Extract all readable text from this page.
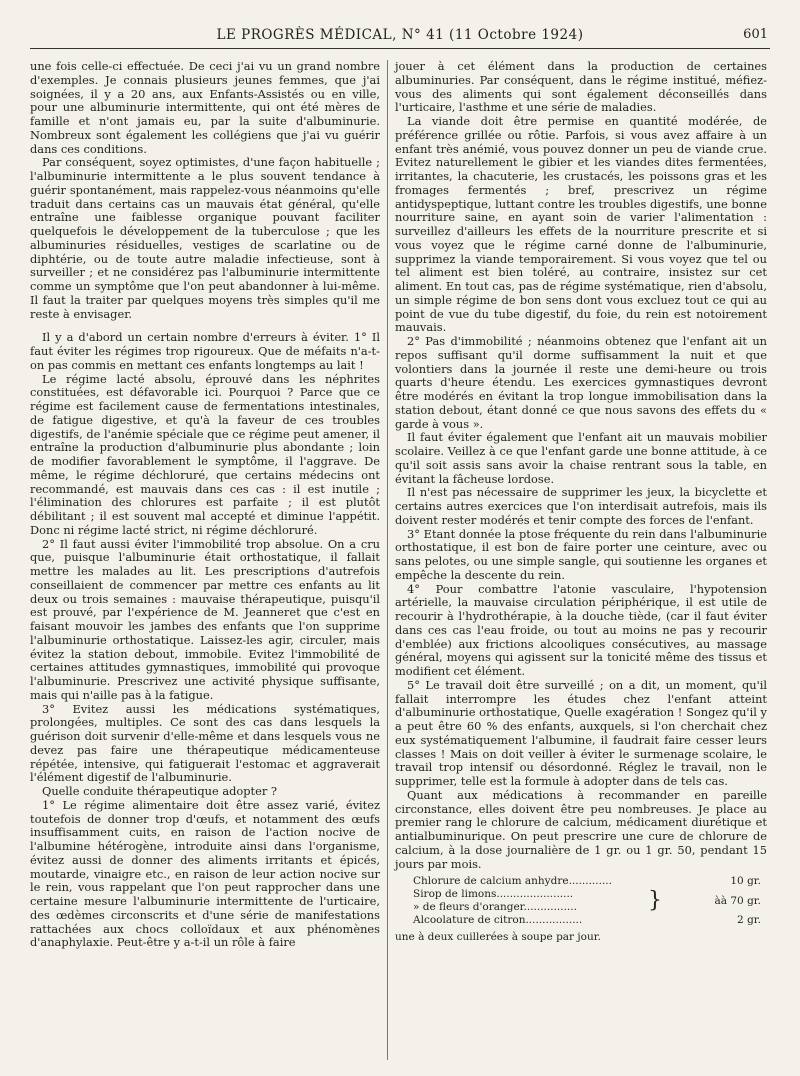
LE PROGRÈS MÉDICAL, N° 41 (11 Octobre 1924)	601

une fois celle-ci effectuée. De ceci j'ai vu un grand nombre d'exemples. Je connais plusieurs jeunes femmes, que j'ai soignées, il y a 20 ans, aux Enfants-Assistés ou en ville, pour une albuminurie intermittente, qui ont été mères de famille et n'ont jamais eu, par la suite d'albuminurie. Nombreux sont également les collégiens que j'ai vu guérir dans ces conditions.

Par conséquent, soyez optimistes, d'une façon habituelle ; l'albuminurie intermittente a le plus souvent tendance à guérir spontanément, mais rappelez-vous néanmoins qu'elle traduit dans certains cas un mauvais état général, qu'elle entraîne une faiblesse organique pouvant faciliter quelquefois le développement de la tuberculose ; que les albuminuries résiduelles, vestiges de scarlatine ou de diphtérie, ou de toute autre maladie infectieuse, sont à surveiller ; et ne considérez pas l'albuminurie intermittente comme un symptôme que l'on peut abandonner à lui-même. Il faut la traiter par quelques moyens très simples qu'il me reste à envisager.

Il y a d'abord un certain nombre d'erreurs à éviter. 1° Il faut éviter les régimes trop rigoureux. Que de méfaits n'a-t-on pas commis en mettant ces enfants longtemps au lait !

Le régime lacté absolu, éprouvé dans les néphrites constituées, est défavorable ici. Pourquoi ? Parce que ce régime est facilement cause de fermentations intestinales, de fatigue digestive, et qu'à la faveur de ces troubles digestifs, de l'anémie spéciale que ce régime peut amener, il entraîne la production d'albuminurie plus abondante ; loin de modifier favorablement le symptôme, il l'aggrave. De même, le régime déchloruré, que certains médecins ont recommandé, est mauvais dans ces cas : il est inutile ; l'élimination des chlorures est parfaite ; il est plutôt débilitant ; il est souvent mal accepté et diminue l'appétit. Donc ni régime lacté strict, ni régime déchloruré.

2° Il faut aussi éviter l'immobilité trop absolue. On a cru que, puisque l'albuminurie était orthostatique, il fallait mettre les malades au lit. Les prescriptions d'autrefois conseillaient de commencer par mettre ces enfants au lit deux ou trois semaines : mauvaise thérapeutique, puisqu'il est prouvé, par l'expérience de M. Jeanneret que c'est en faisant mouvoir les jambes des enfants que l'on supprime l'albuminurie orthostatique. Laissez-les agir, circuler, mais évitez la station debout, immobile. Evitez l'immobilité de certaines attitudes gymnastiques, immobilité qui provoque l'albuminurie. Prescrivez une activité physique suffisante, mais qui n'aille pas à la fatigue.

3° Evitez aussi les médications systématiques, prolongées, multiples. Ce sont des cas dans lesquels la guérison doit survenir d'elle-même et dans lesquels vous ne devez pas faire une thérapeutique médicamenteuse répétée, intensive, qui fatiguerait l'estomac et aggraverait l'élément digestif de l'albuminurie.

Quelle conduite thérapeutique adopter ?

1° Le régime alimentaire doit être assez varié, évitez toutefois de donner trop d'œufs, et notamment des œufs insuffisamment cuits, en raison de l'action nocive de l'albumine hétérogène, introduite ainsi dans l'organisme, évitez aussi de donner des aliments irritants et épicés, moutarde, vinaigre etc., en raison de leur action nocive sur le rein, vous rappelant que l'on peut rapprocher dans une certaine mesure l'albuminurie intermittente de l'urticaire, des œdèmes circonscrits et d'une série de manifestations rattachées aux chocs colloïdaux et aux phénomènes d'anaphylaxie. Peut-être y a-t-il un rôle à faire

jouer à cet élément dans la production de certaines albuminuries. Par conséquent, dans le régime institué, méfiez-vous des aliments qui sont également déconseillés dans l'urticaire, l'asthme et une série de maladies.

La viande doit être permise en quantité modérée, de préférence grillée ou rôtie. Parfois, si vous avez affaire à un enfant très anémié, vous pouvez donner un peu de viande crue. Evitez naturellement le gibier et les viandes dites fermentées, irritantes, la chacuterie, les crustacés, les poissons gras et les fromages fermentés ; bref, prescrivez un régime antidyspeptique, luttant contre les troubles digestifs, une bonne nourriture saine, en ayant soin de varier l'alimentation : surveillez d'ailleurs les effets de la nourriture prescrite et si vous voyez que le régime carné donne de l'albuminurie, supprimez la viande temporairement. Si vous voyez que tel ou tel aliment est bien toléré, au contraire, insistez sur cet aliment. En tout cas, pas de régime systématique, rien d'absolu, un simple régime de bon sens dont vous excluez tout ce qui au point de vue du tube digestif, du foie, du rein est notoirement mauvais.

2° Pas d'immobilité ; néanmoins obtenez que l'enfant ait un repos suffisant qu'il dorme suffisamment la nuit et que volontiers dans la journée il reste une demi-heure ou trois quarts d'heure étendu. Les exercices gymnastiques devront être modérés en évitant la trop longue immobilisation dans la station debout, étant donné ce que nous savons des effets du « garde à vous ».

Il faut éviter également que l'enfant ait un mauvais mobilier scolaire. Veillez à ce que l'enfant garde une bonne attitude, à ce qu'il soit assis sans avoir la chaise rentrant sous la table, en évitant la fâcheuse lordose.

Il n'est pas nécessaire de supprimer les jeux, la bicyclette et certains autres exercices que l'on interdisait autrefois, mais ils doivent rester modérés et tenir compte des forces de l'enfant.

3° Etant donnée la ptose fréquente du rein dans l'albuminurie orthostatique, il est bon de faire porter une ceinture, avec ou sans pelotes, ou une simple sangle, qui soutienne les organes et empêche la descente du rein.

4° Pour combattre l'atonie vasculaire, l'hypotension artérielle, la mauvaise circulation périphérique, il est utile de recourir à l'hydrothérapie, à la douche tiède, (car il faut éviter dans ces cas l'eau froide, ou tout au moins ne pas y recourir d'emblée) aux frictions alcooliques consécutives, au massage général, moyens qui agissent sur la tonicité même des tissus et modifient cet élément.

5° Le travail doit être surveillé ; on a dit, un moment, qu'il fallait interrompre les études chez l'enfant atteint d'albuminurie orthostatique, Quelle exagération ! Songez qu'il y a peut être 60 % des enfants, auxquels, si l'on cherchait chez eux systématiquement l'albumine, il faudrait faire cesser leurs classes ! Mais on doit veiller à éviter le surmenage scolaire, le travail trop intensif ou désordonné. Réglez le travail, non le supprimer, telle est la formule à adopter dans de tels cas.

Quant aux médications à recommander en pareille circonstance, elles doivent être peu nombreuses. Je place au premier rang le chlorure de calcium, médicament diurétique et antialbuminurique. On peut prescrire une cure de chlorure de calcium, à la dose journalière de 1 gr. ou 1 gr. 50, pendant 15 jours par mois.

Chlorure de calcium anhydre.............	10 gr.
Sirop de limons.......................
» de fleurs d'oranger................	}	àà 70 gr.
Alcoolature de citron.................	2 gr.
une à deux cuillerées à soupe par jour.
